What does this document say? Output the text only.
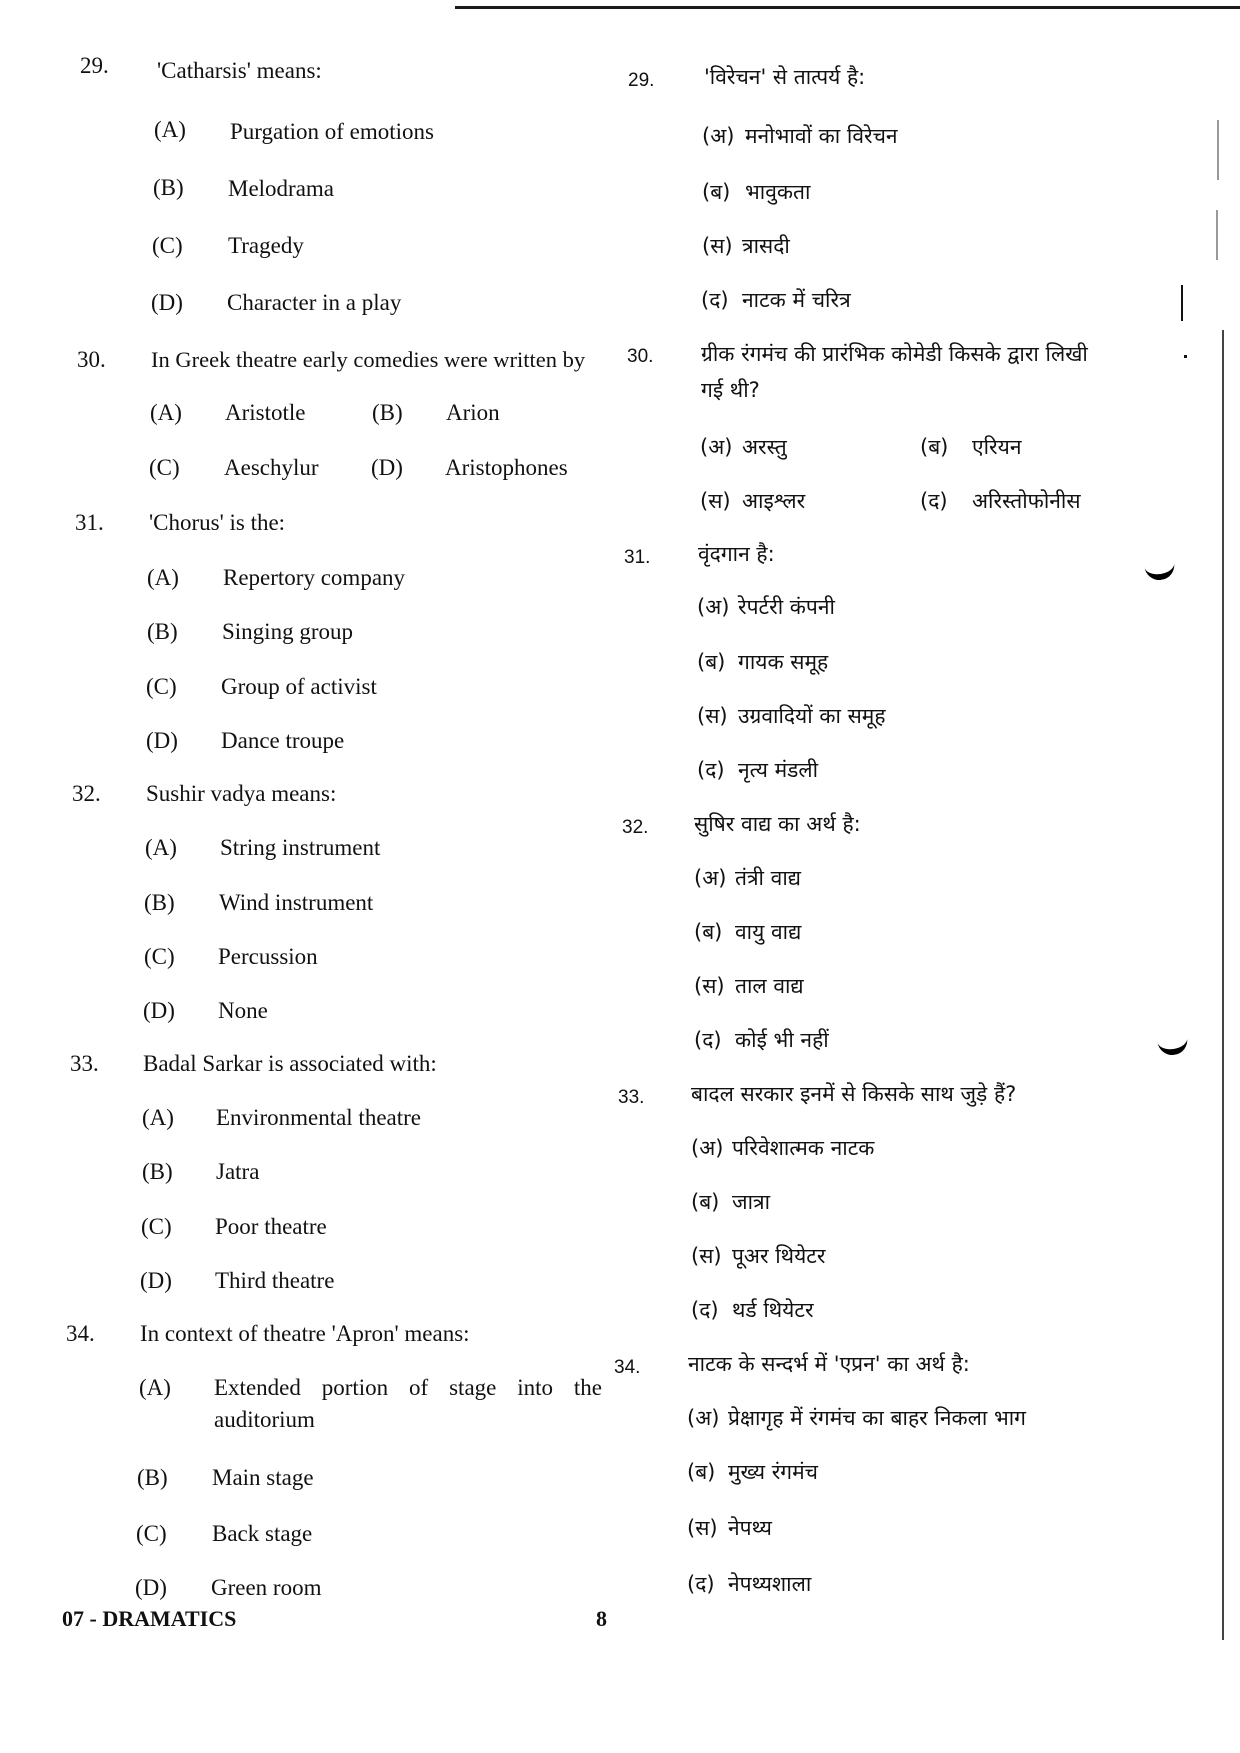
29. 'Catharsis' means:
(A) Purgation of emotions
(B) Melodrama
(C) Tragedy
(D) Character in a play
29. 'विरेचन' से तात्पर्य है:
(अ) मनोभावों का विरेचन
(ब) भावुकता
(स) त्रासदी
(द) नाटक में चरित्र
30. In Greek theatre early comedies were written by
(A) Aristotle	(B) Arion
(C) Aeschylur (D) Aristophones
30. ग्रीक रंगमंच की प्रारंभिक कोमेडी किसके द्वारा लिखी
गई थी?
(अ) अरस्तु	(ब) एरियन
(स) आइश्लर	(द) अरिस्तोफोनीस
31. 'Chorus' is the:
(A) Repertory company
(B) Singing group
(C) Group of activist
(D) Dance troupe
31. वृंदगान है:
(अ) रेपर्टरी कंपनी
(ब) गायक समूह
(स) उग्रवादियों का समूह
(द) नृत्य मंडली
32. Sushir vadya means:
(A) String instrument
(B) Wind instrument
(C) Percussion
(D) None
32. सुषिर वाद्य का अर्थ है:
(अ) तंत्री वाद्य
(ब) वायु वाद्य
(स) ताल वाद्य
(द) कोई भी नहीं
33. Badal Sarkar is associated with:
(A) Environmental theatre
(B) Jatra
(C) Poor theatre
(D) Third theatre
33. बादल सरकार इनमें से किसके साथ जुड़े हैं?
(अ) परिवेशात्मक नाटक
(ब) जात्रा
(स) पूअर थियेटर
(द) थर्ड थियेटर
34. In context of theatre 'Apron' means:
(A) Extended portion of stage into the auditorium
(B) Main stage
(C) Back stage
(D) Green room
34. नाटक के सन्दर्भ में 'एप्रन' का अर्थ है:
(अ) प्रेक्षागृह में रंगमंच का बाहर निकला भाग
(ब) मुख्य रंगमंच
(स) नेपथ्य
(द) नेपथ्यशाला
07 - DRAMATICS	8
